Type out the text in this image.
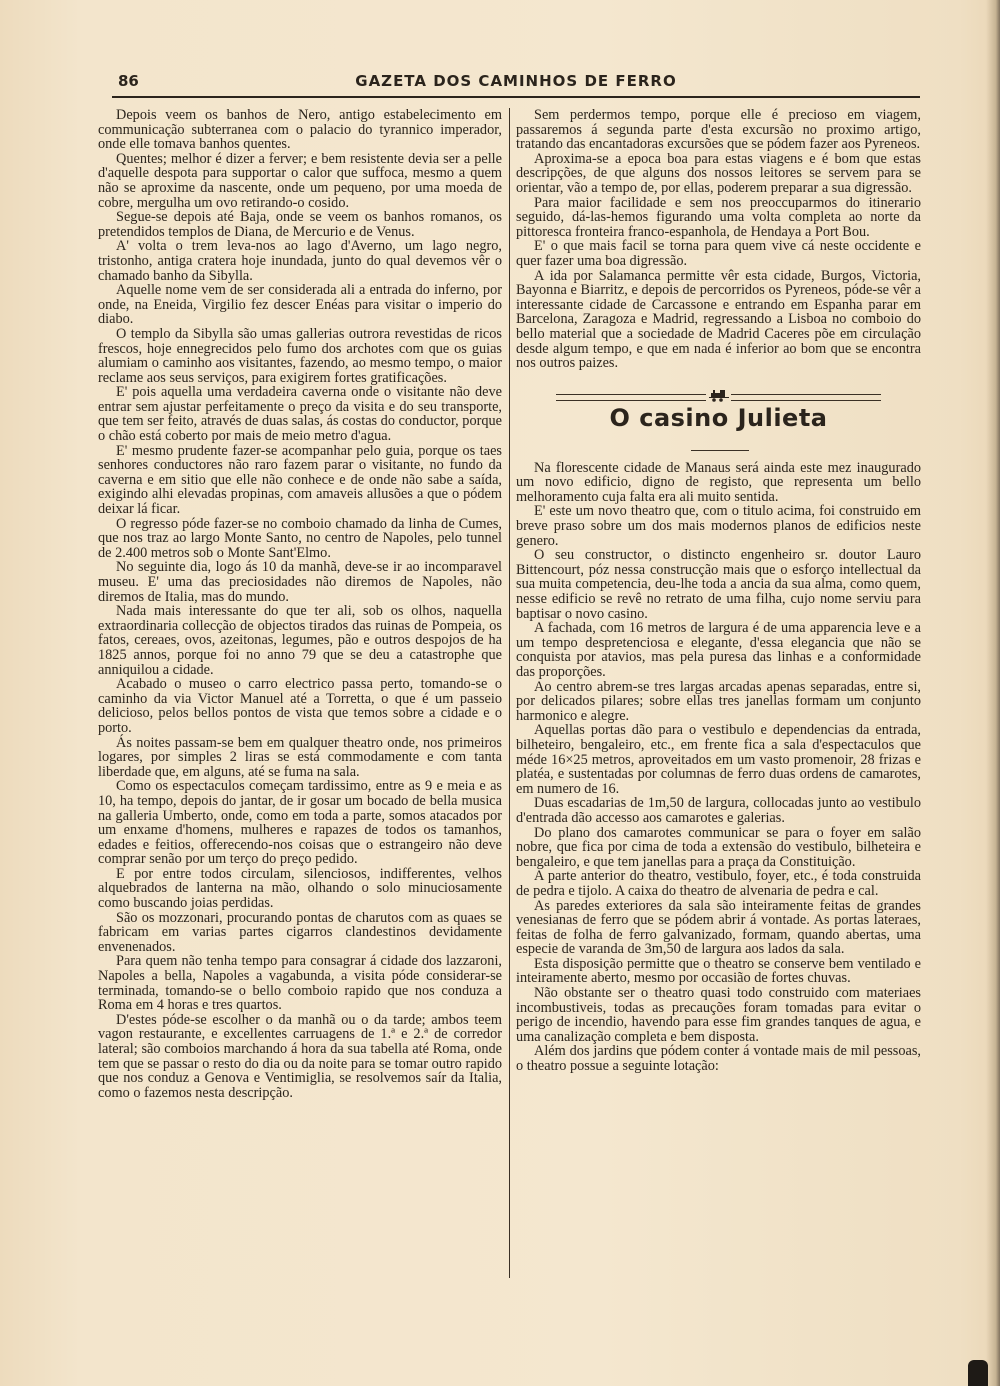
86	GAZETA DOS CAMINHOS DE FERRO

Depois veem os banhos de Nero, antigo estabelecimento em communicação subterranea com o palacio do tyrannico imperador, onde elle tomava banhos quentes.

Quentes; melhor é dizer a ferver; e bem resistente devia ser a pelle d'aquelle despota para supportar o calor que suffoca, mesmo a quem não se aproxime da nascente, onde um pequeno, por uma moeda de cobre, mergulha um ovo retirando-o cosido.

Segue-se depois até Baja, onde se veem os banhos romanos, os pretendidos templos de Diana, de Mercurio e de Venus.

A' volta o trem leva-nos ao lago d'Averno, um lago negro, tristonho, antiga cratera hoje inundada, junto do qual devemos vêr o chamado banho da Sibylla.

Aquelle nome vem de ser considerada ali a entrada do inferno, por onde, na Eneida, Virgilio fez descer Enéas para visitar o imperio do diabo.

O templo da Sibylla são umas gallerias outrora revestidas de ricos frescos, hoje ennegrecidos pelo fumo dos archotes com que os guias alumiam o caminho aos visitantes, fazendo, ao mesmo tempo, o maior reclame aos seus serviços, para exigirem fortes gratificações.

E' pois aquella uma verdadeira caverna onde o visitante não deve entrar sem ajustar perfeitamente o preço da visita e do seu transporte, que tem ser feito, através de duas salas, ás costas do conductor, porque o chão está coberto por mais de meio metro d'agua.

E' mesmo prudente fazer-se acompanhar pelo guia, porque os taes senhores conductores não raro fazem parar o visitante, no fundo da caverna e em sitio que elle não conhece e de onde não sabe a saída, exigindo alhi elevadas propinas, com amaveis allusões a que o pódem deixar lá ficar.

O regresso póde fazer-se no comboio chamado da linha de Cumes, que nos traz ao largo Monte Santo, no centro de Napoles, pelo tunnel de 2.400 metros sob o Monte Sant'Elmo.

No seguinte dia, logo ás 10 da manhã, deve-se ir ao incomparavel museu. E' uma das preciosidades não diremos de Napoles, não diremos de Italia, mas do mundo.

Nada mais interessante do que ter ali, sob os olhos, naquella extraordinaria collecção de objectos tirados das ruinas de Pompeia, os fatos, cereaes, ovos, azeitonas, legumes, pão e outros despojos de ha 1825 annos, porque foi no anno 79 que se deu a catastrophe que anniquilou a cidade.

Acabado o museo o carro electrico passa perto, tomando-se o caminho da via Victor Manuel até a Torretta, o que é um passeio delicioso, pelos bellos pontos de vista que temos sobre a cidade e o porto.

Ás noites passam-se bem em qualquer theatro onde, nos primeiros logares, por simples 2 liras se está commodamente e com tanta liberdade que, em alguns, até se fuma na sala.

Como os espectaculos começam tardissimo, entre as 9 e meia e as 10, ha tempo, depois do jantar, de ir gosar um bocado de bella musica na galleria Umberto, onde, como em toda a parte, somos atacados por um enxame d'homens, mulheres e rapazes de todos os tamanhos, edades e feitios, offerecendo-nos coisas que o estrangeiro não deve comprar senão por um terço do preço pedido.

E por entre todos circulam, silenciosos, indifferentes, velhos alquebrados de lanterna na mão, olhando o solo minuciosamente como buscando joias perdidas.

São os mozzonari, procurando pontas de charutos com as quaes se fabricam em varias partes cigarros clandestinos devidamente envenenados.

Para quem não tenha tempo para consagrar á cidade dos lazzaroni, Napoles a bella, Napoles a vagabunda, a visita póde considerar-se terminada, tomando-se o bello comboio rapido que nos conduza a Roma em 4 horas e tres quartos.

D'estes póde-se escolher o da manhã ou o da tarde; ambos teem vagon restaurante, e excellentes carruagens de 1.ª e 2.ª de corredor lateral; são comboios marchando á hora da sua tabella até Roma, onde tem que se passar o resto do dia ou da noite para se tomar outro rapido que nos conduz a Genova e Ventimiglia, se resolvemos saír da Italia, como o fazemos nesta descripção.

Sem perdermos tempo, porque elle é precioso em viagem, passaremos á segunda parte d'esta excursão no proximo artigo, tratando das encantadoras excursões que se pódem fazer aos Pyreneos.

Aproxima-se a epoca boa para estas viagens e é bom que estas descripções, de que alguns dos nossos leitores se servem para se orientar, vão a tempo de, por ellas, poderem preparar a sua digressão.

Para maior facilidade e sem nos preoccuparmos do itinerario seguido, dá-las-hemos figurando uma volta completa ao norte da pittoresca fronteira franco-espanhola, de Hendaya a Port Bou.

E' o que mais facil se torna para quem vive cá neste occidente e quer fazer uma boa digressão.

A ida por Salamanca permitte vêr esta cidade, Burgos, Victoria, Bayonna e Biarritz, e depois de percorridos os Pyreneos, póde-se vêr a interessante cidade de Carcassone e entrando em Espanha parar em Barcelona, Zaragoza e Madrid, regressando a Lisboa no comboio do bello material que a sociedade de Madrid Caceres põe em circulação desde algum tempo, e que em nada é inferior ao bom que se encontra nos outros paizes.

O casino Julieta

Na florescente cidade de Manaus será ainda este mez inaugurado um novo edificio, digno de registo, que representa um bello melhoramento cuja falta era ali muito sentida.

E' este um novo theatro que, com o titulo acima, foi construido em breve praso sobre um dos mais modernos planos de edificios neste genero.

O seu constructor, o distincto engenheiro sr. doutor Lauro Bittencourt, póz nessa construcção mais que o esforço intellectual da sua muita competencia, deu-lhe toda a ancia da sua alma, como quem, nesse edificio se revê no retrato de uma filha, cujo nome serviu para baptisar o novo casino.

A fachada, com 16 metros de largura é de uma apparencia leve e a um tempo despretenciosa e elegante, d'essa elegancia que não se conquista por atavios, mas pela puresa das linhas e a conformidade das proporções.

Ao centro abrem-se tres largas arcadas apenas separadas, entre si, por delicados pilares; sobre ellas tres janellas formam um conjunto harmonico e alegre.

Aquellas portas dão para o vestibulo e dependencias da entrada, bilheteiro, bengaleiro, etc., em frente fica a sala d'espectaculos que méde 16×25 metros, aproveitados em um vasto promenoir, 28 frizas e platéa, e sustentadas por columnas de ferro duas ordens de camarotes, em numero de 16.

Duas escadarias de 1m,50 de largura, collocadas junto ao vestibulo d'entrada dão accesso aos camarotes e galerias.

Do plano dos camarotes communicar se para o foyer em salão nobre, que fica por cima de toda a extensão do vestibulo, bilheteira e bengaleiro, e que tem janellas para a praça da Constituição.

A parte anterior do theatro, vestibulo, foyer, etc., é toda construida de pedra e tijolo. A caixa do theatro de alvenaria de pedra e cal.

As paredes exteriores da sala são inteiramente feitas de grandes venesianas de ferro que se pódem abrir á vontade. As portas lateraes, feitas de folha de ferro galvanizado, formam, quando abertas, uma especie de varanda de 3m,50 de largura aos lados da sala.

Esta disposição permitte que o theatro se conserve bem ventilado e inteiramente aberto, mesmo por occasião de fortes chuvas.

Não obstante ser o theatro quasi todo construido com materiaes incombustiveis, todas as precauções foram tomadas para evitar o perigo de incendio, havendo para esse fim grandes tanques de agua, e uma canalização completa e bem disposta.

Além dos jardins que pódem conter á vontade mais de mil pessoas, o theatro possue a seguinte lotação:
